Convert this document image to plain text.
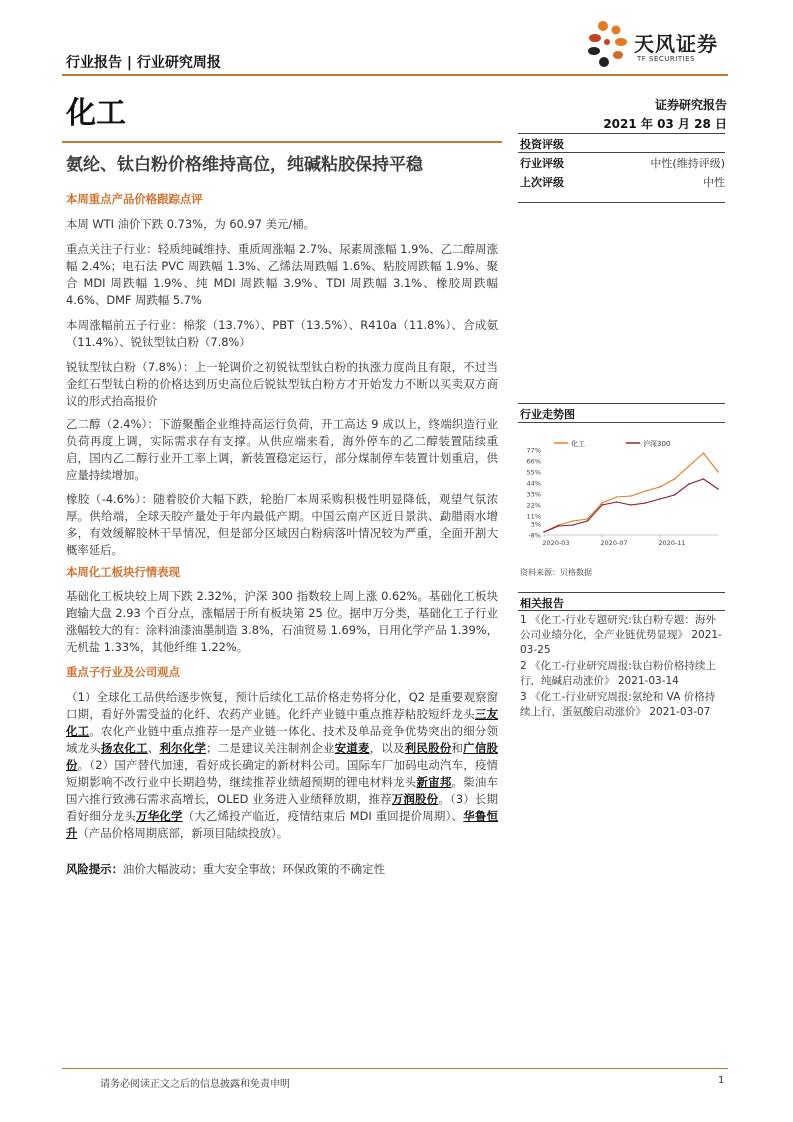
行业报告 | 行业研究周报
天风证券
TF SECURITIES
化工	证券研究报告
2021 年 03 月 28 日
氨纶、钛白粉价格维持高位，纯碱粘胶保持平稳
本周重点产品价格跟踪点评
本周 WTI 油价下跌 0.73%，为 60.97 美元/桶。
重点关注子行业：轻质纯碱维持、重质周涨幅 2.7%、尿素周涨幅 1.9%、乙二醇周涨幅 2.4%；电石法 PVC 周跌幅 1.3%、乙烯法周跌幅 1.6%、粘胶周跌幅 1.9%、聚合 MDI 周跌幅 1.9%、纯 MDI 周跌幅 3.9%、TDI 周跌幅 3.1%、橡胶周跌幅 4.6%、DMF 周跌幅 5.7%
本周涨幅前五子行业：棉浆（13.7%）、PBT（13.5%）、R410a（11.8%）、合成氨（11.4%）、锐钛型钛白粉（7.8%）
锐钛型钛白粉（7.8%）：上一轮调价之初锐钛型钛白粉的执涨力度尚且有限，不过当金红石型钛白粉的价格达到历史高位后锐钛型钛白粉方才开始发力不断以买卖双方商议的形式抬高报价
乙二醇（2.4%）：下游聚酯企业维持高运行负荷，开工高达 9 成以上，终端织造行业负荷再度上调，实际需求存有支撑。从供应端来看，海外停车的乙二醇装置陆续重启，国内乙二醇行业开工率上调，新装置稳定运行，部分煤制停车装置计划重启，供应量持续增加。
橡胶（-4.6%）：随着胶价大幅下跌，轮胎厂本周采购积极性明显降低，观望气氛浓厚。供给端，全球天胶产量处于年内最低产期。中国云南产区近日景洪、勐腊雨水增多，有效缓解胶林干旱情况，但是部分区域因白粉病落叶情况较为严重，全面开割大概率延后。
本周化工板块行情表现
基础化工板块较上周下跌 2.32%，沪深 300 指数较上周上涨 0.62%。基础化工板块跑输大盘 2.93 个百分点，涨幅居于所有板块第 25 位。据申万分类，基础化工子行业涨幅较大的有：涂料油漆油墨制造 3.8%，石油贸易 1.69%，日用化学产品 1.39%，无机盐 1.33%，其他纤维 1.22%。
重点子行业及公司观点
（1）全球化工品供给逐步恢复，预计后续化工品价格走势将分化，Q2 是重要观察窗口期，看好外需受益的化纤、农药产业链。化纤产业链中重点推荐粘胶短纤龙头三友化工。农化产业链中重点推荐一是产业链一体化、技术及单品竞争优势突出的细分领域龙头扬农化工、利尔化学；二是建议关注制剂企业安道麦，以及利民股份和广信股份。（2）国产替代加速，看好成长确定的新材料公司。国际车厂加码电动汽车，疫情短期影响不改行业中长期趋势，继续推荐业绩超预期的锂电材料龙头新宙邦。柴油车国六推行致沸石需求高增长，OLED 业务进入业绩释放期，推荐万润股份。（3）长期看好细分龙头万华化学（大乙烯投产临近，疫情结束后 MDI 重回提价周期）、华鲁恒升（产品价格周期底部，新项目陆续投放）。
风险提示：油价大幅波动；重大安全事故；环保政策的不确定性
投资评级
行业评级	中性(维持评级)
上次评级	中性
行业走势图
-8%
3%
11%
22%
33%
44%
55%
66%
77%
2020-03	2020-07	2020-11
化工	沪深300
资料来源：贝格数据
相关报告
1 《化工-行业专题研究:钛白粉专题：海外公司业绩分化，全产业链优势显现》 2021-03-25
2 《化工-行业研究周报:钛白粉价格持续上行，纯碱启动涨价》 2021-03-14
3 《化工-行业研究周报:氨纶和 VA 价格持续上行，蛋氨酸启动涨价》 2021-03-07
请务必阅读正文之后的信息披露和免责申明	1
